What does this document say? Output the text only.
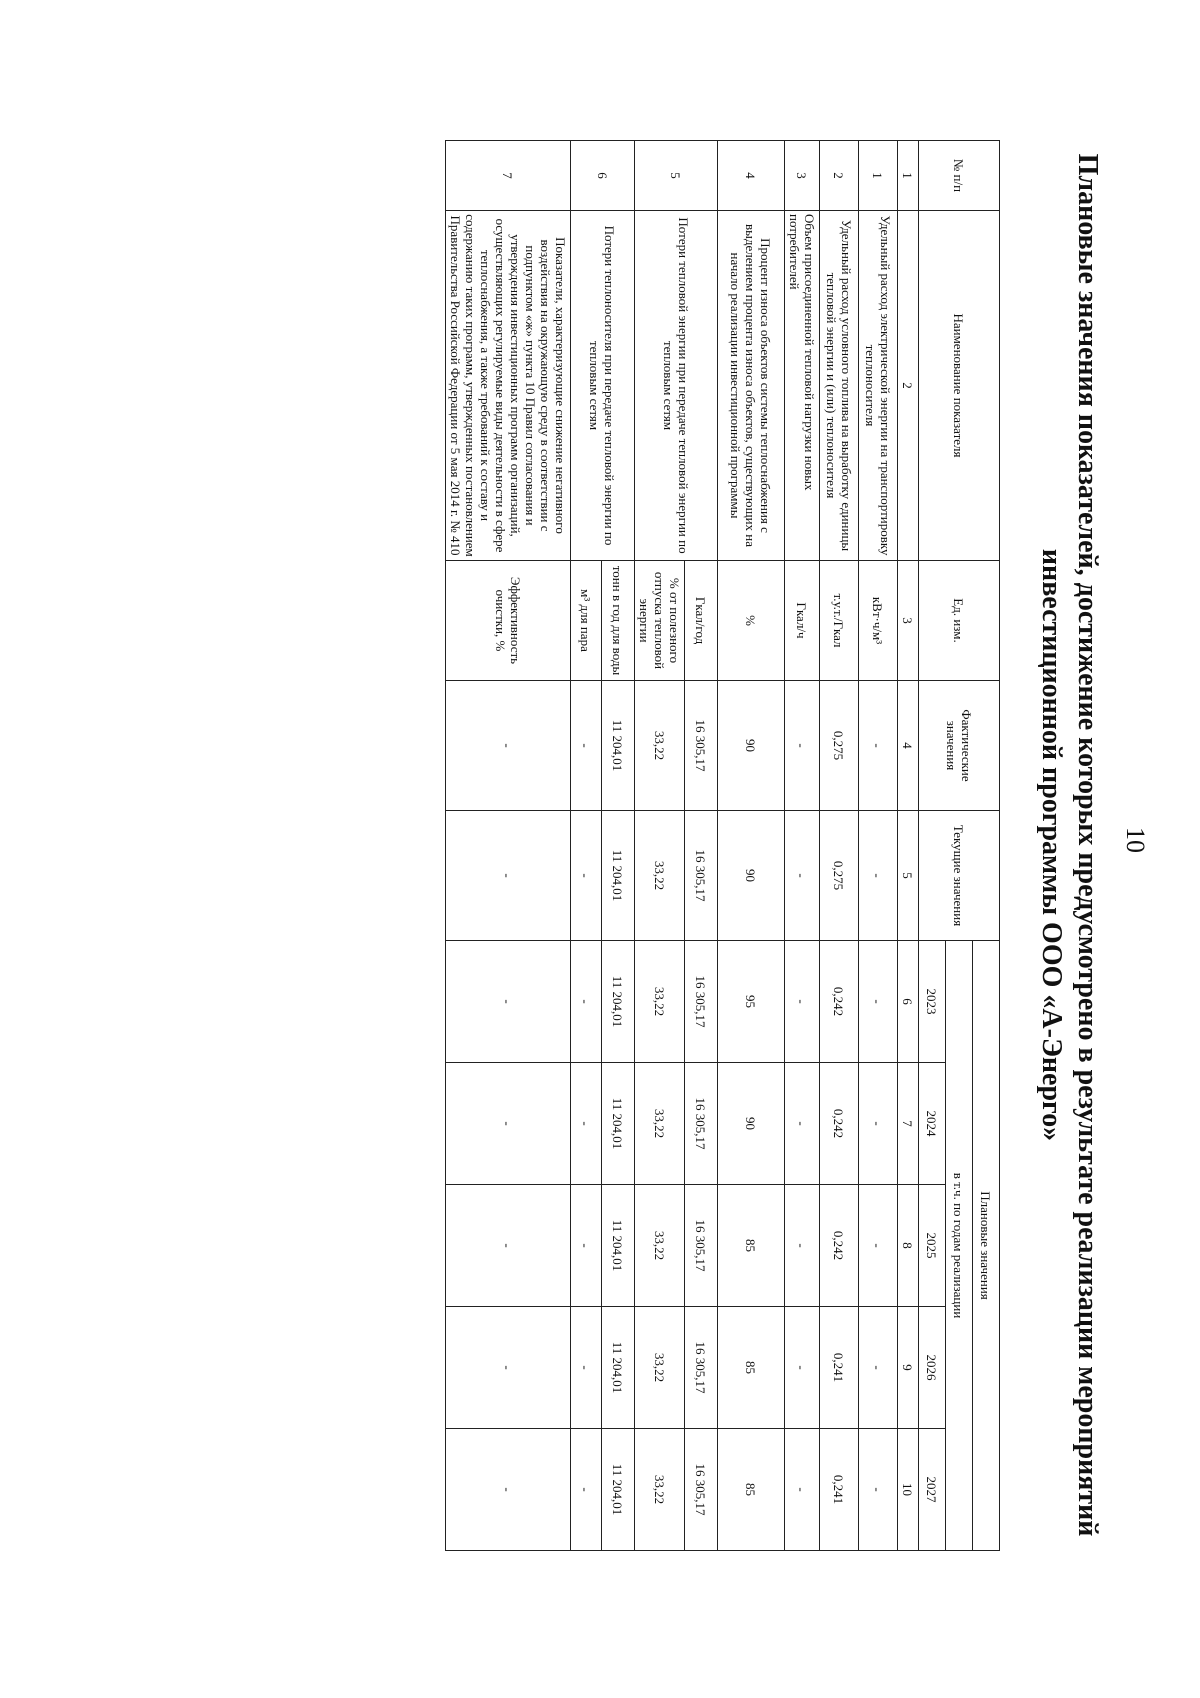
10
Плановые значения показателей, достижение которых предусмотрено в результате реализации мероприятий инвестиционной программы ООО «А-Энерго»
№ п/п	Наименование показателя	Ед. изм.	Фактические значения	Текущие значения	Плановые значения				
					в т.ч. по годам реализации				
					2023	2024	2025	2026	2027
1	2	3	4	5	6	7	8	9	10
1	Удельный расход электрической энергии на транспортировку теплоносителя	кВт·ч/м³	-	-	-	-	-	-	-
2	Удельный расход условного топлива на выработку единицы тепловой энергии и (или) теплоносителя	т.у.т./Гкал	0,275	0,275	0,242	0,242	0,242	0,241	0,241
3	Объем присоединенной тепловой нагрузки новых потребителей	Гкал/ч	-	-	-	-	-	-	-
4	Процент износа объектов системы теплоснабжения с выделением процента износа объектов, существующих на начало реализации инвестиционной программы	%	90	90	95	90	85	85	85
5	Потери тепловой энергии при передаче тепловой энергии по тепловым сетям	Гкал/год	16 305,17	16 305,17	16 305,17	16 305,17	16 305,17	16 305,17	16 305,17
		% от полезного отпуска тепловой энергии	33,22	33,22	33,22	33,22	33,22	33,22	33,22
6	Потери теплоносителя при передаче тепловой энергии по тепловым сетям	тонн в год для воды	11 204,01	11 204,01	11 204,01	11 204,01	11 204,01	11 204,01	11 204,01
		м³ для пара	-	-	-	-	-	-	-
7	Показатели, характеризующие снижение негативного воздействия на окружающую среду в соответствии с подпунктом «ж» пункта 10 Правил согласования и утверждения инвестиционных программ организаций, осуществляющих регулируемые виды деятельности в сфере теплоснабжения, а также требований к составу и содержанию таких программ, утвержденных постановлением Правительства Российской Федерации от 5 мая 2014 г. № 410	Эффективность очистки, %	-	-	-	-	-	-	-
